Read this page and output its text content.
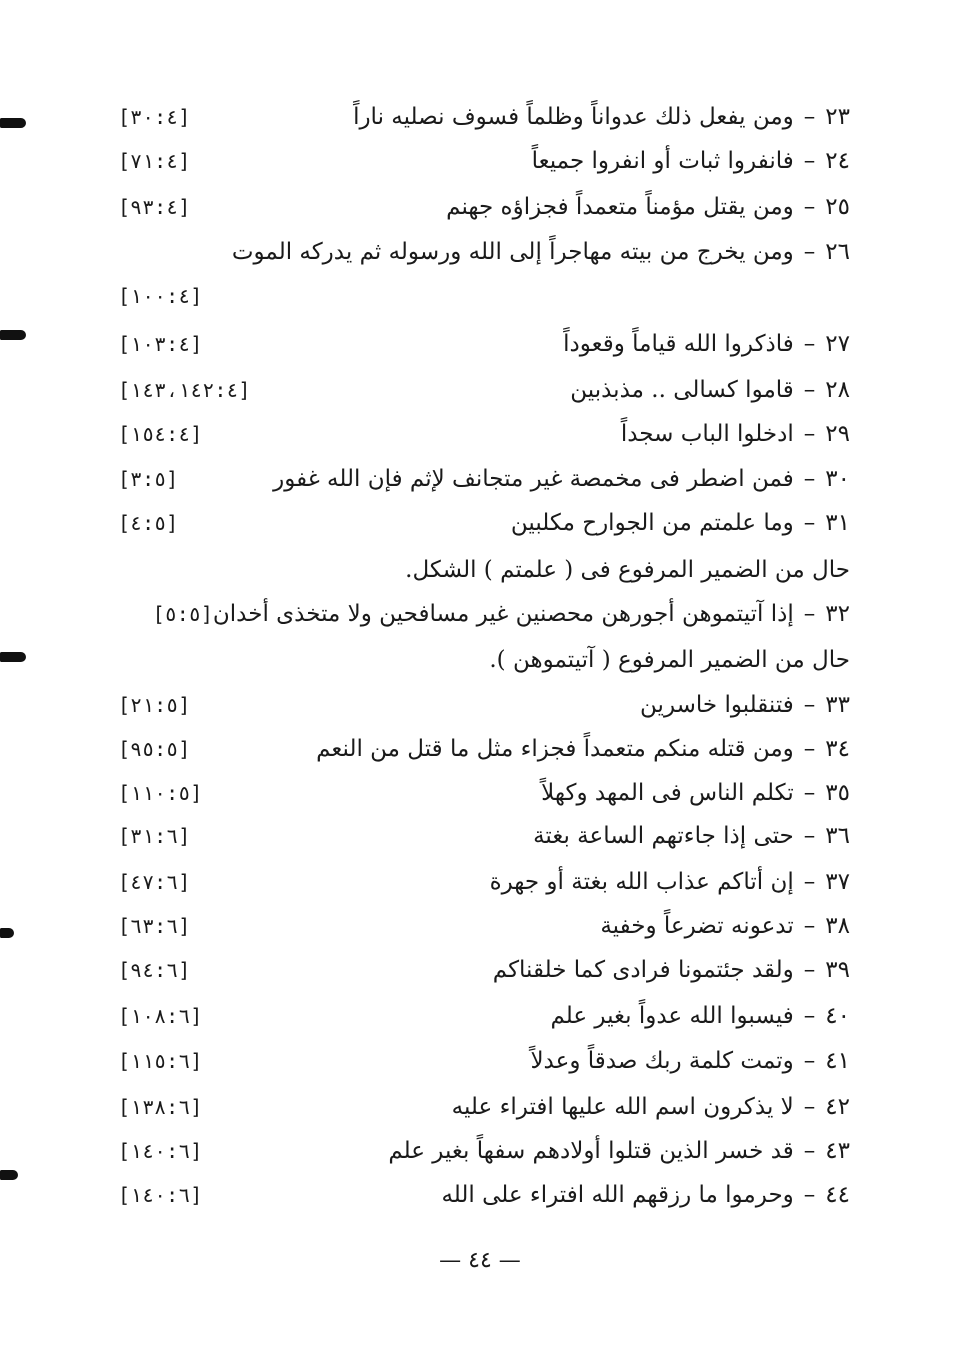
٢٣–ومن يفعل ذلك عدواناً وظلماً فسوف نصليه ناراً
[٣٠:٤]
٢٤–فانفروا ثبات أو انفروا جميعاً
[٧١:٤]
٢٥–ومن يقتل مؤمناً متعمداً فجزاؤه جهنم
[٩٣:٤]
٢٦–ومن يخرج من بيته مهاجراً إلى الله ورسوله ثم يدركه الموت
[١٠٠:٤]
٢٧–فاذكروا الله قياماً وقعوداً
[١٠٣:٤]
٢٨–قاموا كسالى .. مذبذبين
[١٤٣،١٤٢:٤]
٢٩–ادخلوا الباب سجداً
[١٥٤:٤]
٣٠–فمن اضطر فى مخمصة غير متجانف لإثم فإن الله غفور
[٣:٥]
٣١–وما علمتم من الجوارح مكلبين
[٤:٥]
حال من الضمير المرفوع فى ( علمتم ) الشكل.
٣٢–إذا آتيتموهن أجورهن محصنين غير مسافحين ولا متخذى أخدان[٥:٥]
حال من الضمير المرفوع ( آتيتموهن ).
٣٣–فتنقلبوا خاسرين
[٢١:٥]
٣٤–ومن قتله منكم متعمداً فجزاء مثل ما قتل من النعم
[٩٥:٥]
٣٥–تكلم الناس فى المهد وكهلاً
[١١٠:٥]
٣٦–حتى إذا جاءتهم الساعة بغتة
[٣١:٦]
٣٧–إن أتاكم عذاب الله بغتة أو جهرة
[٤٧:٦]
٣٨–تدعونه تضرعاً وخفية
[٦٣:٦]
٣٩–ولقد جئتمونا فرادى كما خلقناكم
[٩٤:٦]
٤٠–فيسبوا الله عدواً بغير علم
[١٠٨:٦]
٤١–وتمت كلمة ربك صدقاً وعدلاً
[١١٥:٦]
٤٢–لا يذكرون اسم الله عليها افتراء عليه
[١٣٨:٦]
٤٣–قد خسر الذين قتلوا أولادهم سفهاً بغير علم
[١٤٠:٦]
٤٤–وحرموا ما رزقهم الله افتراء على الله
[١٤٠:٦]
— ٤٤ —
